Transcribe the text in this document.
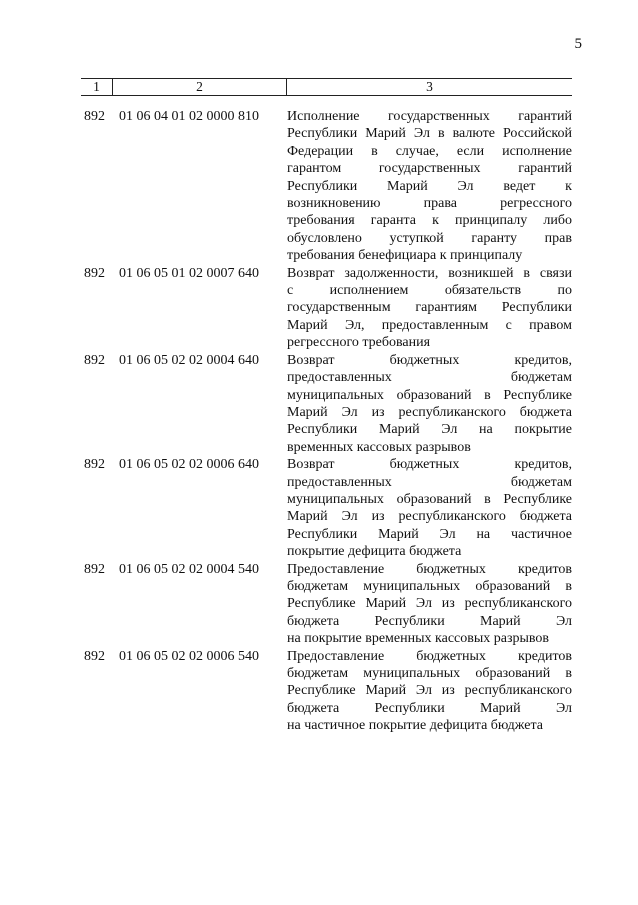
5
1	2	3
892	01 06 04 01 02 0000 810	Исполнение государственных гарантий
Республики Марий Эл в валюте Российской
Федерации в случае, если исполнение
гарантом государственных гарантий
Республики Марий Эл ведет к
возникновению права регрессного
требования гаранта к принципалу либо
обусловлено уступкой гаранту прав
требования бенефициара к принципалу
892	01 06 05 01 02 0007 640	Возврат задолженности, возникшей в связи
с исполнением обязательств по
государственным гарантиям Республики
Марий Эл, предоставленным с правом
регрессного требования
892	01 06 05 02 02 0004 640	Возврат бюджетных кредитов,
предоставленных бюджетам
муниципальных образований в Республике
Марий Эл из республиканского бюджета
Республики Марий Эл на покрытие
временных кассовых разрывов
892	01 06 05 02 02 0006 640	Возврат бюджетных кредитов,
предоставленных бюджетам
муниципальных образований в Республике
Марий Эл из республиканского бюджета
Республики Марий Эл на частичное
покрытие дефицита бюджета
892	01 06 05 02 02 0004 540	Предоставление бюджетных кредитов
бюджетам муниципальных образований в
Республике Марий Эл из республиканского
бюджета Республики Марий Эл
на покрытие временных кассовых разрывов
892	01 06 05 02 02 0006 540	Предоставление бюджетных кредитов
бюджетам муниципальных образований в
Республике Марий Эл из республиканского
бюджета Республики Марий Эл
на частичное покрытие дефицита бюджета
